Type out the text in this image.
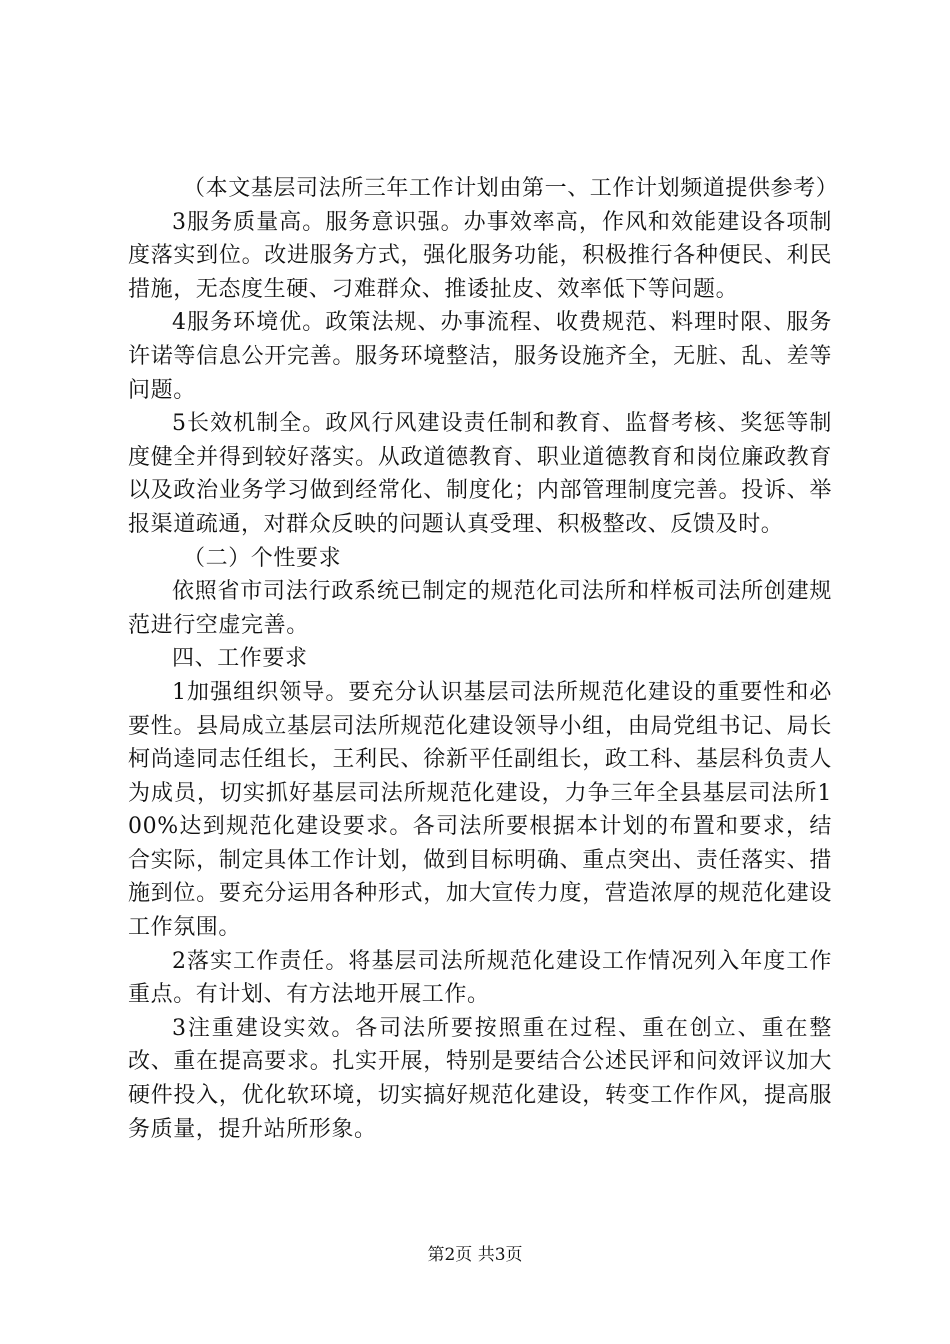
（本文基层司法所三年工作计划由第一、工作计划频道提供参考）

3服务质量高。服务意识强。办事效率高，作风和效能建设各项制度落实到位。改进服务方式，强化服务功能，积极推行各种便民、利民措施，无态度生硬、刁难群众、推诿扯皮、效率低下等问题。

4服务环境优。政策法规、办事流程、收费规范、料理时限、服务许诺等信息公开完善。服务环境整洁，服务设施齐全，无脏、乱、差等问题。

5长效机制全。政风行风建设责任制和教育、监督考核、奖惩等制度健全并得到较好落实。从政道德教育、职业道德教育和岗位廉政教育以及政治业务学习做到经常化、制度化；内部管理制度完善。投诉、举报渠道疏通，对群众反映的问题认真受理、积极整改、反馈及时。

（二）个性要求

依照省市司法行政系统已制定的规范化司法所和样板司法所创建规范进行空虚完善。

四、工作要求

1加强组织领导。要充分认识基层司法所规范化建设的重要性和必要性。县局成立基层司法所规范化建设领导小组，由局党组书记、局长柯尚逵同志任组长，王利民、徐新平任副组长，政工科、基层科负责人为成员，切实抓好基层司法所规范化建设，力争三年全县基层司法所100%达到规范化建设要求。各司法所要根据本计划的布置和要求，结合实际，制定具体工作计划，做到目标明确、重点突出、责任落实、措施到位。要充分运用各种形式，加大宣传力度，营造浓厚的规范化建设工作氛围。

2落实工作责任。将基层司法所规范化建设工作情况列入年度工作重点。有计划、有方法地开展工作。

3注重建设实效。各司法所要按照重在过程、重在创立、重在整改、重在提高要求。扎实开展，特别是要结合公述民评和问效评议加大硬件投入，优化软环境，切实搞好规范化建设，转变工作作风，提高服务质量，提升站所形象。

第2页 共3页
